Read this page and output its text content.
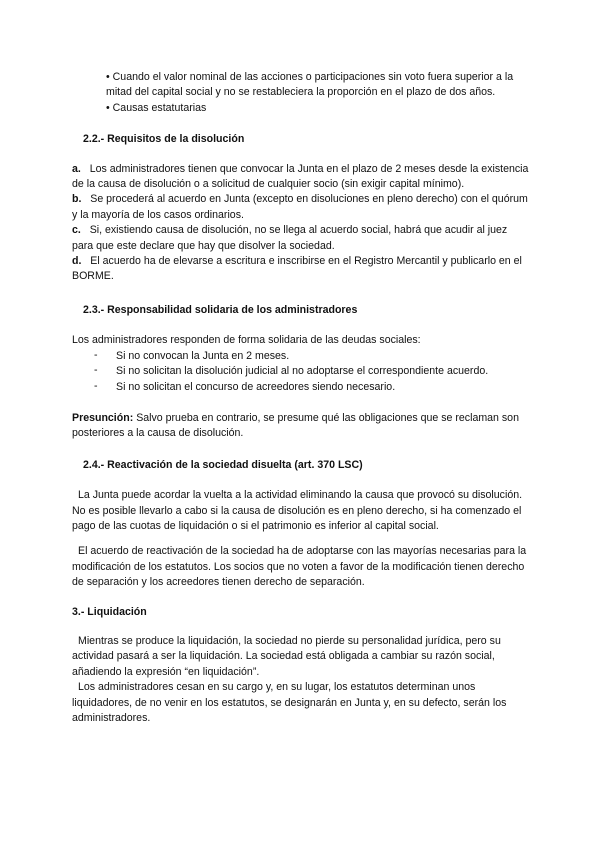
• Cuando el valor nominal de las acciones o participaciones sin voto fuera superior a la mitad del capital social y no se restableciera la proporción en el plazo de dos años.

• Causas estatutarias

2.2.- Requisitos de la disolución

a. Los administradores tienen que convocar la Junta en el plazo de 2 meses desde la existencia de la causa de disolución o a solicitud de cualquier socio (sin exigir capital mínimo).

b. Se procederá al acuerdo en Junta (excepto en disoluciones en pleno derecho) con el quórum y la mayoría de los casos ordinarios.

c. Si, existiendo causa de disolución, no se llega al acuerdo social, habrá que acudir al juez para que este declare que hay que disolver la sociedad.

d. El acuerdo ha de elevarse a escritura e inscribirse en el Registro Mercantil y publicarlo en el BORME.

2.3.- Responsabilidad solidaria de los administradores

Los administradores responden de forma solidaria de las deudas sociales:

-	Si no convocan la Junta en 2 meses.

-	Si no solicitan la disolución judicial al no adoptarse el correspondiente acuerdo.

-	Si no solicitan el concurso de acreedores siendo necesario.

Presunción: Salvo prueba en contrario, se presume qué las obligaciones que se reclaman son posteriores a la causa de disolución.

2.4.- Reactivación de la sociedad disuelta (art. 370 LSC)

La Junta puede acordar la vuelta a la actividad eliminando la causa que provocó su disolución. No es posible llevarlo a cabo si la causa de disolución es en pleno derecho, si ha comenzado el pago de las cuotas de liquidación o si el patrimonio es inferior al capital social.

El acuerdo de reactivación de la sociedad ha de adoptarse con las mayorías necesarias para la modificación de los estatutos. Los socios que no voten a favor de la modificación tienen derecho de separación y los acreedores tienen derecho de separación.

3.- Liquidación

Mientras se produce la liquidación, la sociedad no pierde su personalidad jurídica, pero su actividad pasará a ser la liquidación. La sociedad está obligada a cambiar su razón social, añadiendo la expresión “en liquidación”.

Los administradores cesan en su cargo y, en su lugar, los estatutos determinan unos liquidadores, de no venir en los estatutos, se designarán en Junta y, en su defecto, serán los administradores.
